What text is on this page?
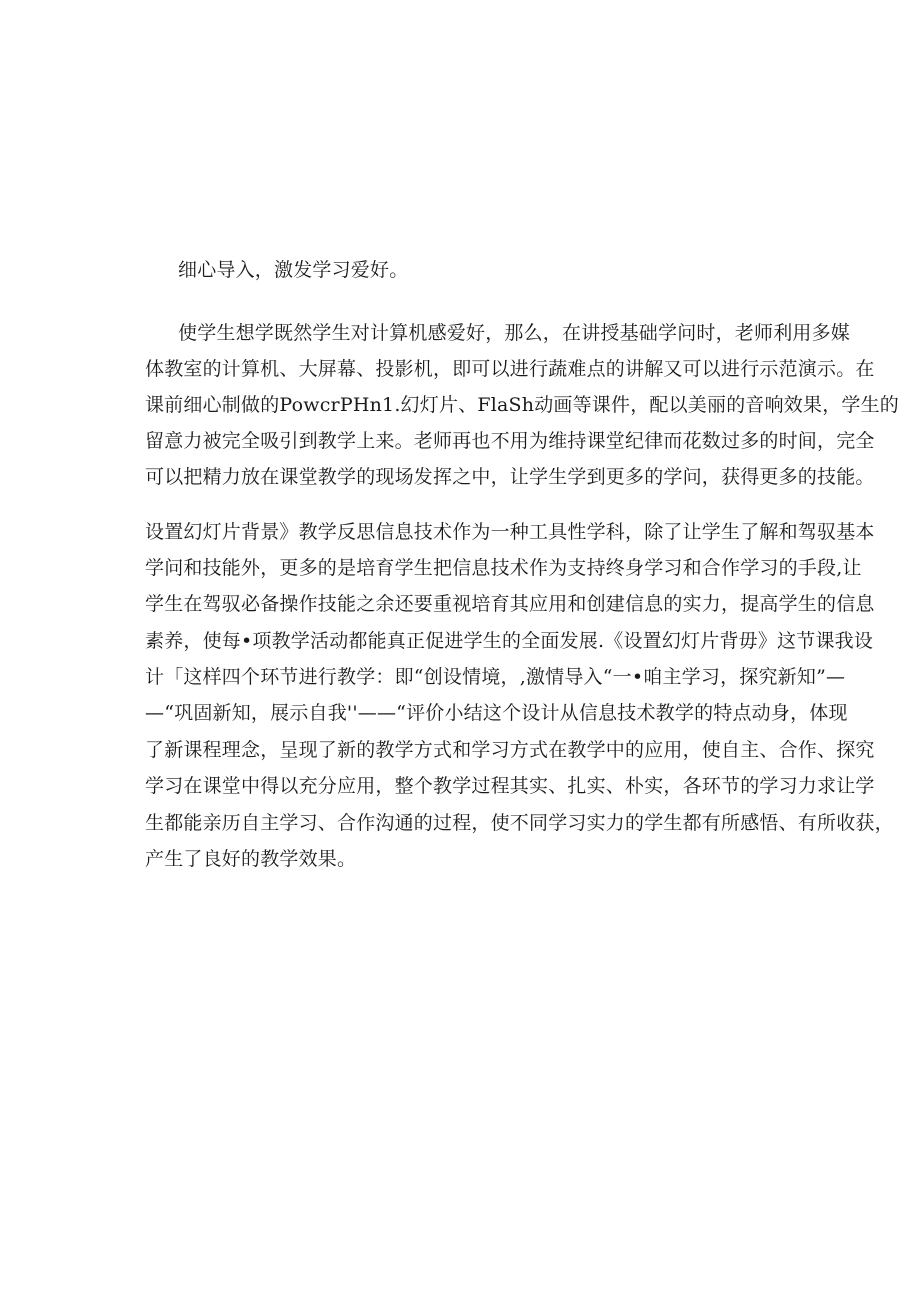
细心导入，激发学习爱好。
使学生想学既然学生对计算机感爱好，那么，在讲授基础学问时，老师利用多媒
体教室的计算机、大屏幕、投影机，即可以进行蔬难点的讲解又可以进行示范演示。在
课前细心制做的PowcrPHn1.幻灯片、FlaSh动画等课件，配以美丽的音响效果，学生的
留意力被完全吸引到教学上来。老师再也不用为维持课堂纪律而花数过多的时间，完全
可以把精力放在课堂教学的现场发挥之中，让学生学到更多的学问，获得更多的技能。
设置幻灯片背景》教学反思信息技术作为一种工具性学科，除了让学生了解和驾驭基本
学问和技能外，更多的是培育学生把信息技术作为支持终身学习和合作学习的手段,让
学生在驾驭必备操作技能之余还要重视培育其应用和创建信息的实力，提高学生的信息
素养，使每•项教学活动都能真正促进学生的全面发展.《设置幻灯片背毋》这节课我设
计「这样四个环节进行教学：即“创设情境，,激情导入“一•咱主学习，探究新知”—
—“巩固新知，展示自我''——“评价小结这个设计从信息技术教学的特点动身，体现
了新课程理念，呈现了新的教学方式和学习方式在教学中的应用，使自主、合作、探究
学习在课堂中得以充分应用，整个教学过程其实、扎实、朴实，各环节的学习力求让学
生都能亲历自主学习、合作沟通的过程，使不同学习实力的学生都有所感悟、有所收获，
产生了良好的教学效果。
